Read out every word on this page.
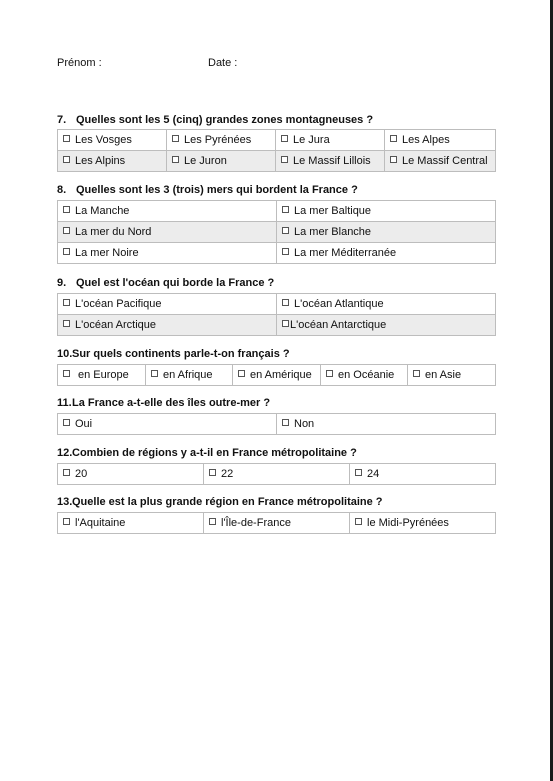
Prénom :	Date :
7. Quelles sont les 5 (cinq) grandes zones montagneuses ?
Les Vosges	Les Pyrénées	Le Jura	Les Alpes
Les Alpins	Le Juron	Le Massif Lillois	Le Massif Central
8. Quelles sont les 3 (trois) mers qui bordent la France ?
La Manche	La mer Baltique
La mer du Nord	La mer Blanche
La mer Noire	La mer Méditerranée
9. Quel est l'océan qui borde la France ?
L'océan Pacifique	L'océan Atlantique
L'océan Arctique	L'océan Antarctique
10.Sur quels continents parle-t-on français ?
en Europe	en Afrique	en Amérique	en Océanie	en Asie
11.La France a-t-elle des îles outre-mer ?
Oui	Non
12.Combien de régions y a-t-il en France métropolitaine ?
20	22	24
13.Quelle est la plus grande région en France métropolitaine ?
l'Aquitaine	l'Île-de-France	le Midi-Pyrénées
